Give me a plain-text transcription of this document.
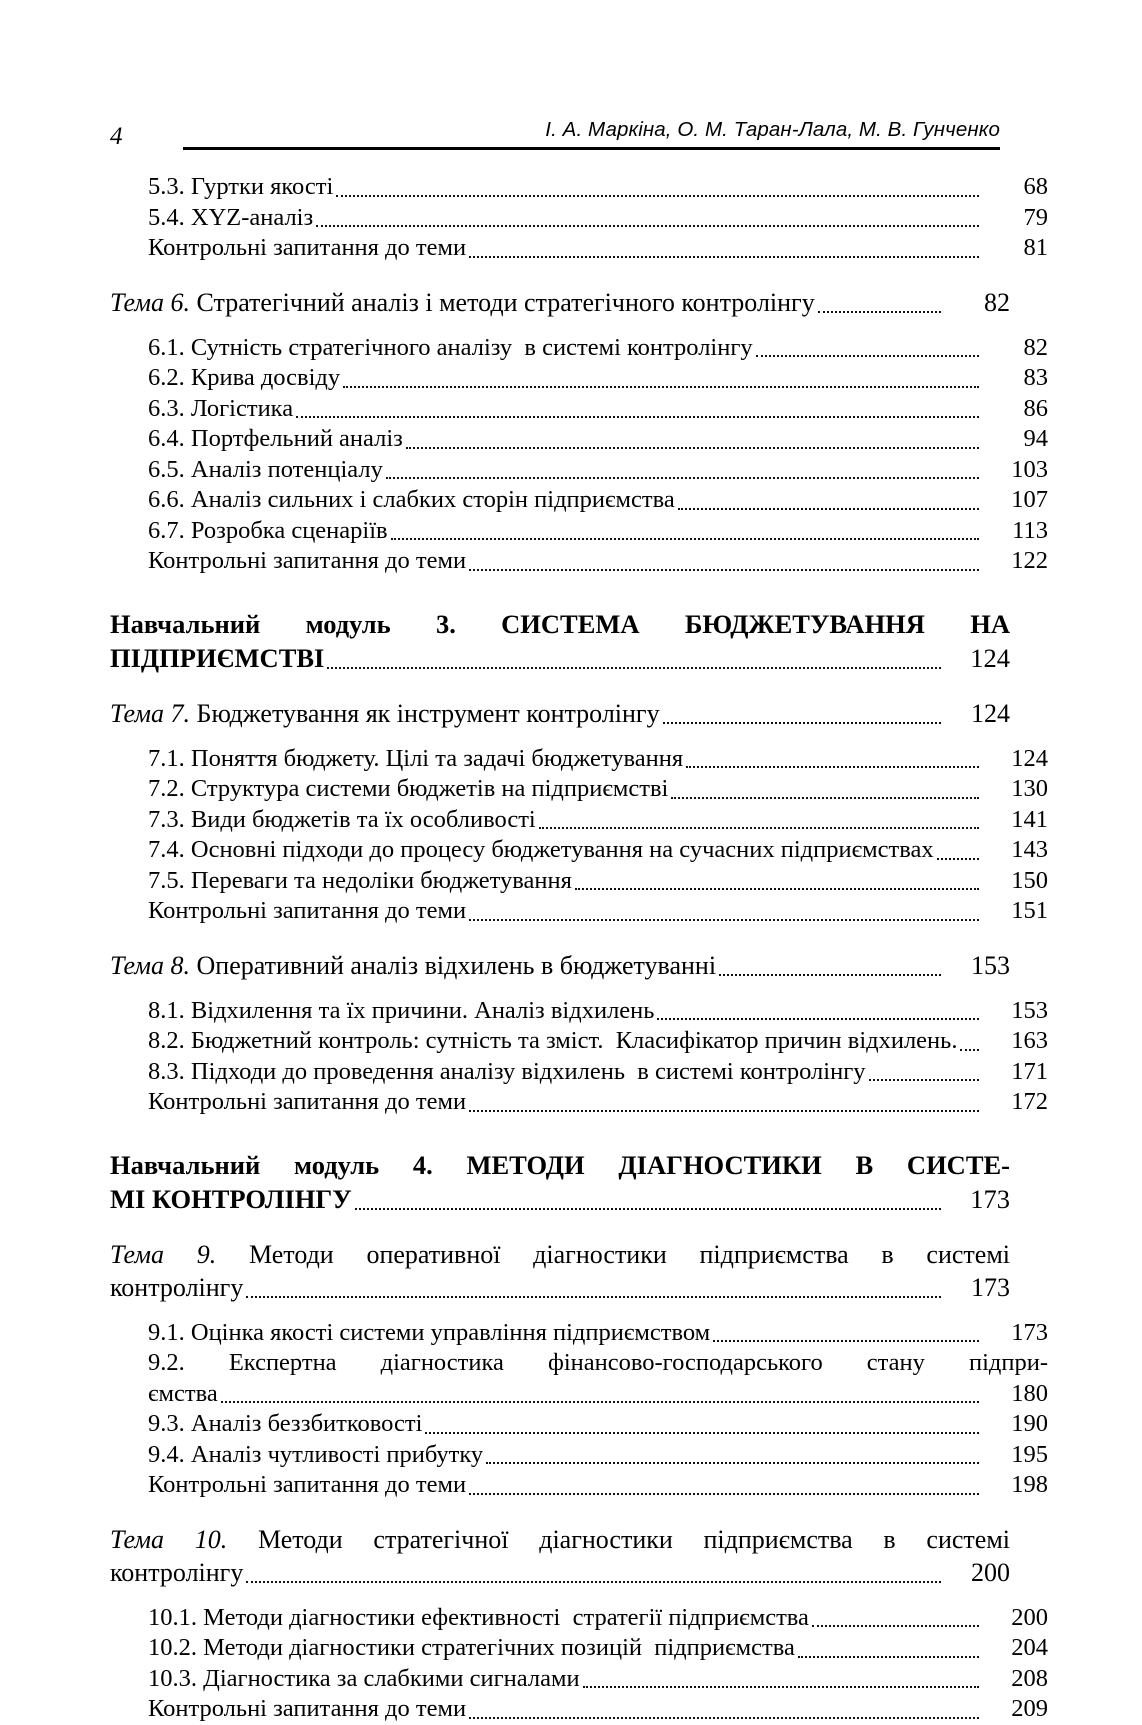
4	І. А. Маркіна, О. М. Таран-Лала, М. В. Гунченко
5.3. Гуртки якості	68
5.4. XYZ-аналіз	79
Контрольні запитання до теми	81
Тема 6. Стратегічний аналіз і методи стратегічного контролінгу	82
6.1. Сутність стратегічного аналізу  в системі контролінгу	82
6.2. Крива досвіду	83
6.3. Логістика	86
6.4. Портфельний аналіз	94
6.5. Аналіз потенціалу	103
6.6. Аналіз сильних і слабких сторін підприємства	107
6.7. Розробка сценаріїв	113
Контрольні запитання до теми	122
Навчальний модуль 3. СИСТЕМА БЮДЖЕТУВАННЯ НА
ПІДПРИЄМСТВІ	124
Тема 7. Бюджетування як інструмент контролінгу	124
7.1. Поняття бюджету. Цілі та задачі бюджетування	124
7.2. Структура системи бюджетів на підприємстві	130
7.3. Види бюджетів та їх особливості	141
7.4. Основні підходи до процесу бюджетування на сучасних підприємствах	143
7.5. Переваги та недоліки бюджетування	150
Контрольні запитання до теми	151
Тема 8. Оперативний аналіз відхилень в бюджетуванні	153
8.1. Відхилення та їх причини. Аналіз відхилень	153
8.2. Бюджетний контроль: сутність та зміст.  Класифікатор причин відхилень.	163
8.3. Підходи до проведення аналізу відхилень  в системі контролінгу	171
Контрольні запитання до теми	172
Навчальний модуль 4. МЕТОДИ ДІАГНОСТИКИ В СИСТЕ-
МІ КОНТРОЛІНГУ	173
Тема 9. Методи оперативної діагностики підприємства в системі
контролінгу	173
9.1. Оцінка якості системи управління підприємством	173
9.2. Експертна діагностика фінансово-господарського стану підпри-
ємства	180
9.3. Аналіз беззбитковості	190
9.4. Аналіз чутливості прибутку	195
Контрольні запитання до теми	198
Тема 10. Методи стратегічної діагностики підприємства в системі
контролінгу	200
10.1. Методи діагностики ефективності  стратегії підприємства	200
10.2. Методи діагностики стратегічних позицій  підприємства	204
10.3. Діагностика за слабкими сигналами	208
Контрольні запитання до теми	209
